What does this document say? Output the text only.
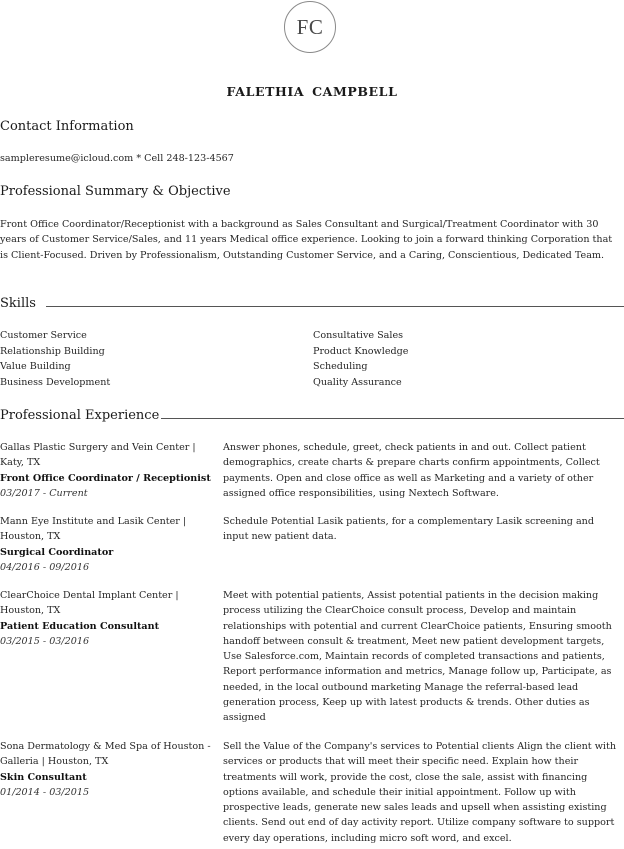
FC
FALETHIA CAMPBELL
Contact Information
sampleresume@icloud.com * Cell 248-123-4567
Professional Summary & Objective
Front Office Coordinator/Receptionist with a background as Sales Consultant and Surgical/Treatment Coordinator with 30 years of Customer Service/Sales, and 11 years Medical office experience. Looking to join a forward thinking Corporation that is Client-Focused. Driven by Professionalism, Outstanding Customer Service, and a Caring, Conscientious, Dedicated Team.
Skills
Customer Service
Relationship Building
Value Building
Business Development
Consultative Sales
Product Knowledge
Scheduling
Quality Assurance
Professional Experience
Gallas Plastic Surgery and Vein Center | Katy, TX
Front Office Coordinator / Receptionist
03/2017 - Current
Answer phones, schedule, greet, check patients in and out. Collect patient demographics, create charts & prepare charts confirm appointments, Collect payments. Open and close office as well as Marketing and a variety of other assigned office responsibilities, using Nextech Software.
Mann Eye Institute and Lasik Center | Houston, TX
Surgical Coordinator
04/2016 - 09/2016
Schedule Potential Lasik patients, for a complementary Lasik screening and input new patient data.
ClearChoice Dental Implant Center | Houston, TX
Patient Education Consultant
03/2015 - 03/2016
Meet with potential patients, Assist potential patients in the decision making process utilizing the ClearChoice consult process, Develop and maintain relationships with potential and current ClearChoice patients, Ensuring smooth handoff between consult & treatment, Meet new patient development targets, Use Salesforce.com, Maintain records of completed transactions and patients, Report performance information and metrics, Manage follow up, Participate, as needed, in the local outbound marketing Manage the referral-based lead generation process, Keep up with latest products & trends. Other duties as assigned
Sona Dermatology & Med Spa of Houston - Galleria | Houston, TX
Skin Consultant
01/2014 - 03/2015
Sell the Value of the Company's services to Potential clients Align the client with services or products that will meet their specific need. Explain how their treatments will work, provide the cost, close the sale, assist with financing options available, and schedule their initial appointment. Follow up with prospective leads, generate new sales leads and upsell when assisting existing clients. Send out end of day activity report. Utilize company software to support every day operations, including micro soft word, and excel.
